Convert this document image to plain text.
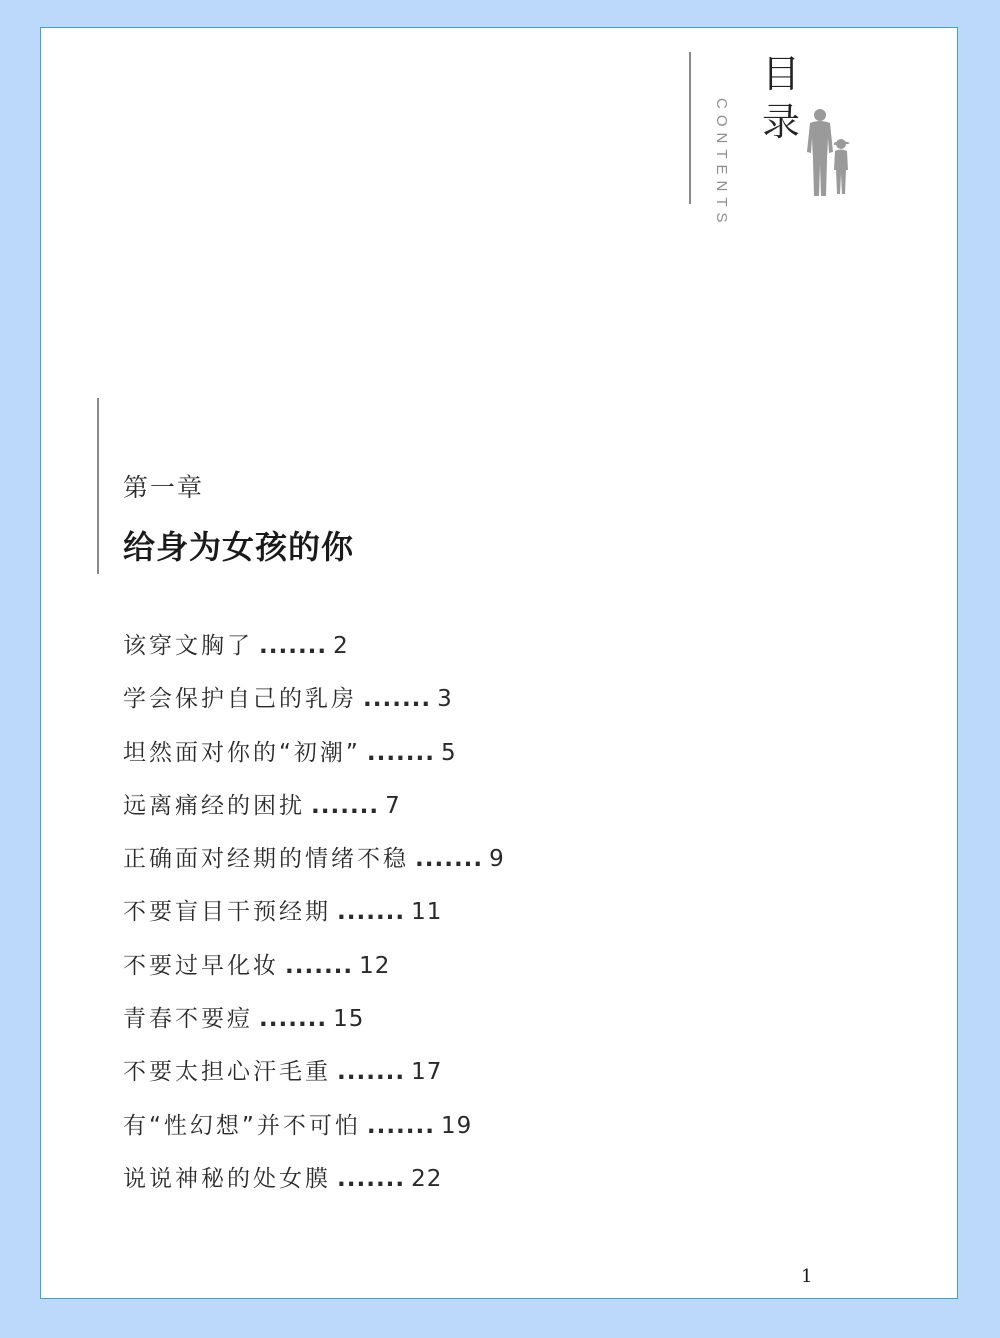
CONTENTS
目录
第一章
给身为女孩的你
该穿文胸了 ....... 2
学会保护自己的乳房 ....... 3
坦然面对你的“初潮” ....... 5
远离痛经的困扰 ....... 7
正确面对经期的情绪不稳 ....... 9
不要盲目干预经期 ....... 11
不要过早化妆 ....... 12
青春不要痘 ....... 15
不要太担心汗毛重 ....... 17
有“性幻想”并不可怕 ....... 19
说说神秘的处女膜 ....... 22
1
